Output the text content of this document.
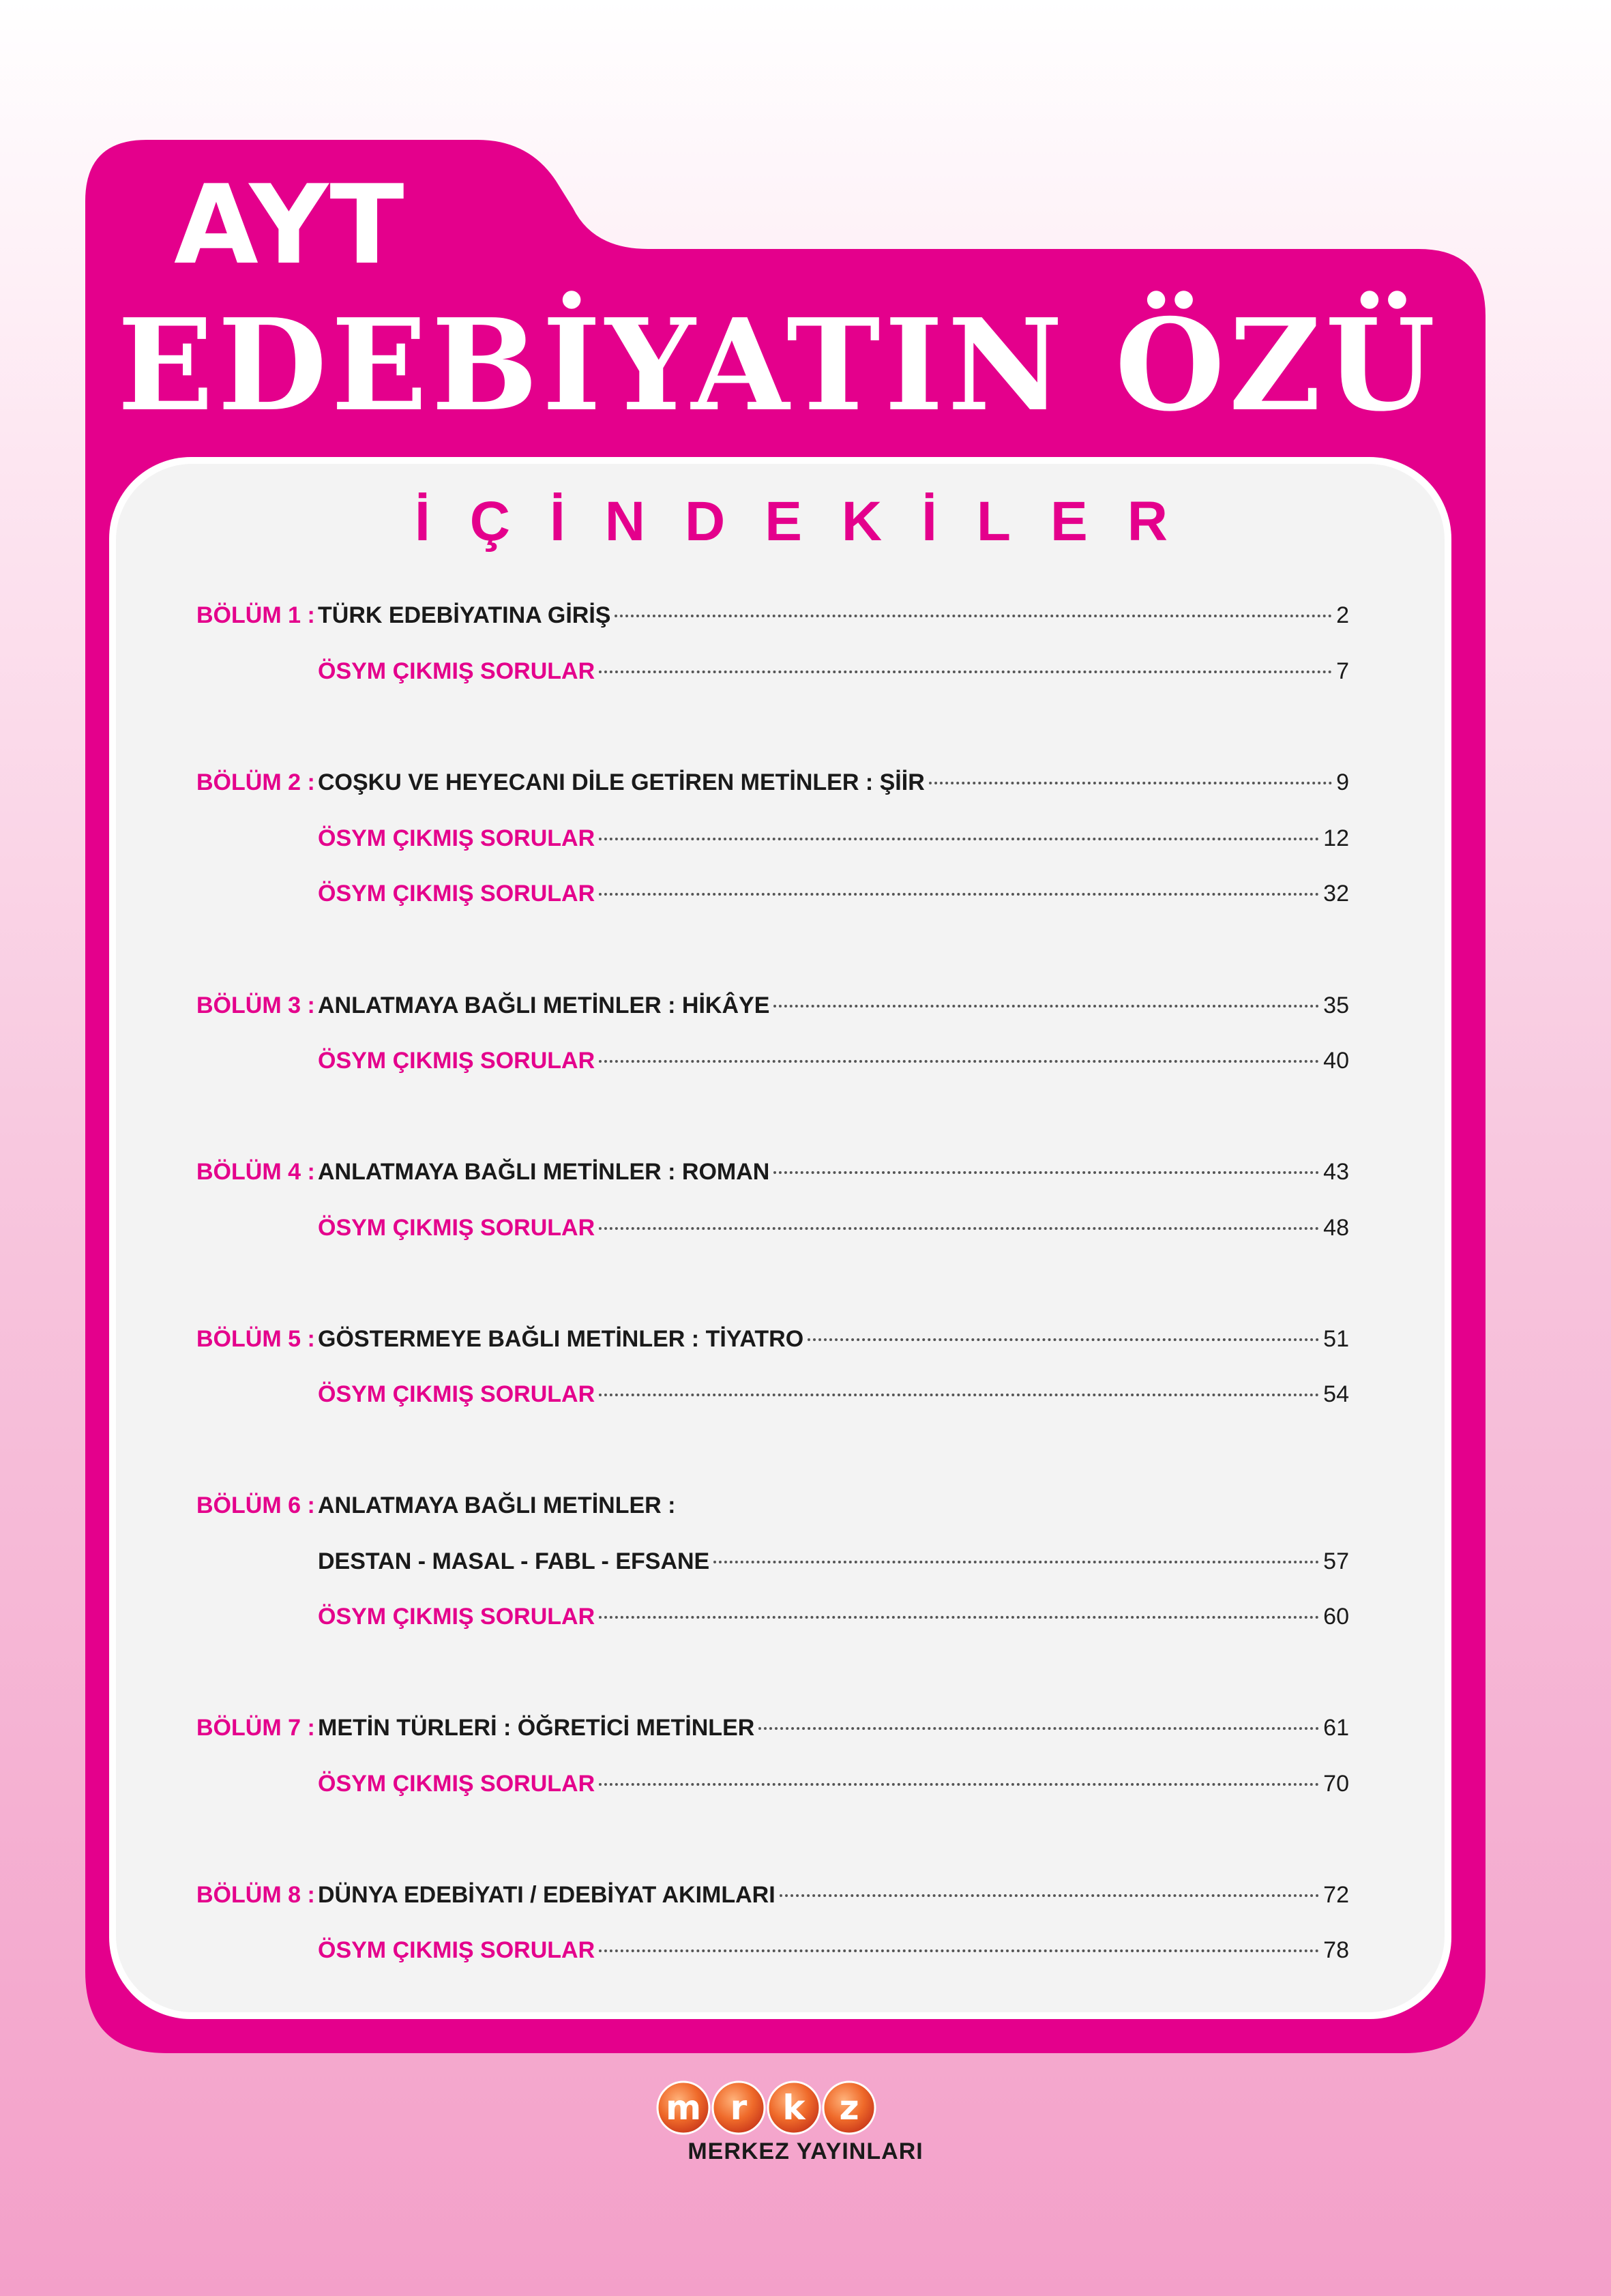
AYT
EDEBİYATIN ÖZÜ
İÇİNDEKİLER
BÖLÜM 1 : TÜRK EDEBİYATINA GİRİŞ	2
ÖSYM ÇIKMIŞ SORULAR	7
BÖLÜM 2 : COŞKU VE HEYECANI DİLE GETİREN METİNLER : ŞİİR	9
ÖSYM ÇIKMIŞ SORULAR	12
ÖSYM ÇIKMIŞ SORULAR	32
BÖLÜM 3 : ANLATMAYA BAĞLI METİNLER : HİKÂYE	35
ÖSYM ÇIKMIŞ SORULAR	40
BÖLÜM 4 : ANLATMAYA BAĞLI METİNLER : ROMAN	43
ÖSYM ÇIKMIŞ SORULAR	48
BÖLÜM 5 : GÖSTERMEYE BAĞLI METİNLER : TİYATRO	51
ÖSYM ÇIKMIŞ SORULAR	54
BÖLÜM 6 : ANLATMAYA BAĞLI METİNLER :
DESTAN - MASAL - FABL - EFSANE	57
ÖSYM ÇIKMIŞ SORULAR	60
BÖLÜM 7 : METİN TÜRLERİ : ÖĞRETİCİ METİNLER	61
ÖSYM ÇIKMIŞ SORULAR	70
BÖLÜM 8 : DÜNYA EDEBİYATI / EDEBİYAT AKIMLARI	72
ÖSYM ÇIKMIŞ SORULAR	78
m r k z

MERKEZ YAYINLARI
